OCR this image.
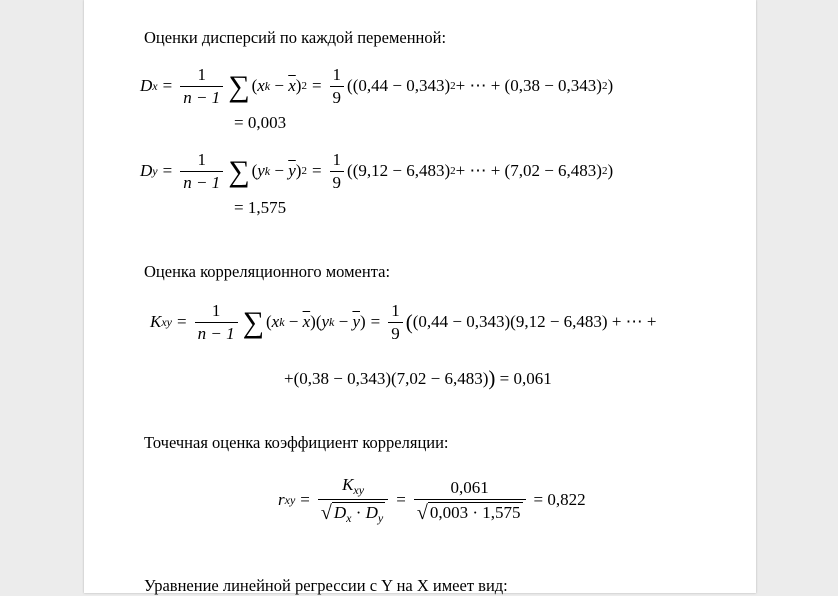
Оценки дисперсий по каждой переменной:
D $x = \frac{1}{n - 1}$ ∑ ( x $k - \overline{x}$ ) $2 = \frac{1}{9} ((0,44 - 0,343) 2$ + ⋯ + (0,38 − 0,343) 2 )
= 0,003
D $y = \frac{1}{n - 1}$ ∑ ( y $k - \overline{y}$ ) $2 = \frac{1}{9} ((9,12 - 6,483) 2$ + ⋯ + (7,02 − 6,483) 2 )
= 1,575
Оценка корреляционного момента:
K xy = $\frac{1}{n - 1}$ ∑ ( x $k - \overline{x}$ )( y $k - \overline{y}$ ) = $\frac{1}{9}$ ( (0,44 − 0,343)(9,12 − 6,483) + ⋯ +
+(0,38 − 0,343)(7,02 − 6,483) )
= 0,061
Точечная оценка коэффициент корреляции:
r xy = $\frac{K_{xy}}{√ D_x \cdot D_y} = \frac{0,061}{√ 0,003 \cdot 1,575} = 0,822$
Уравнение линейной регрессии с Y на X имеет вид:
